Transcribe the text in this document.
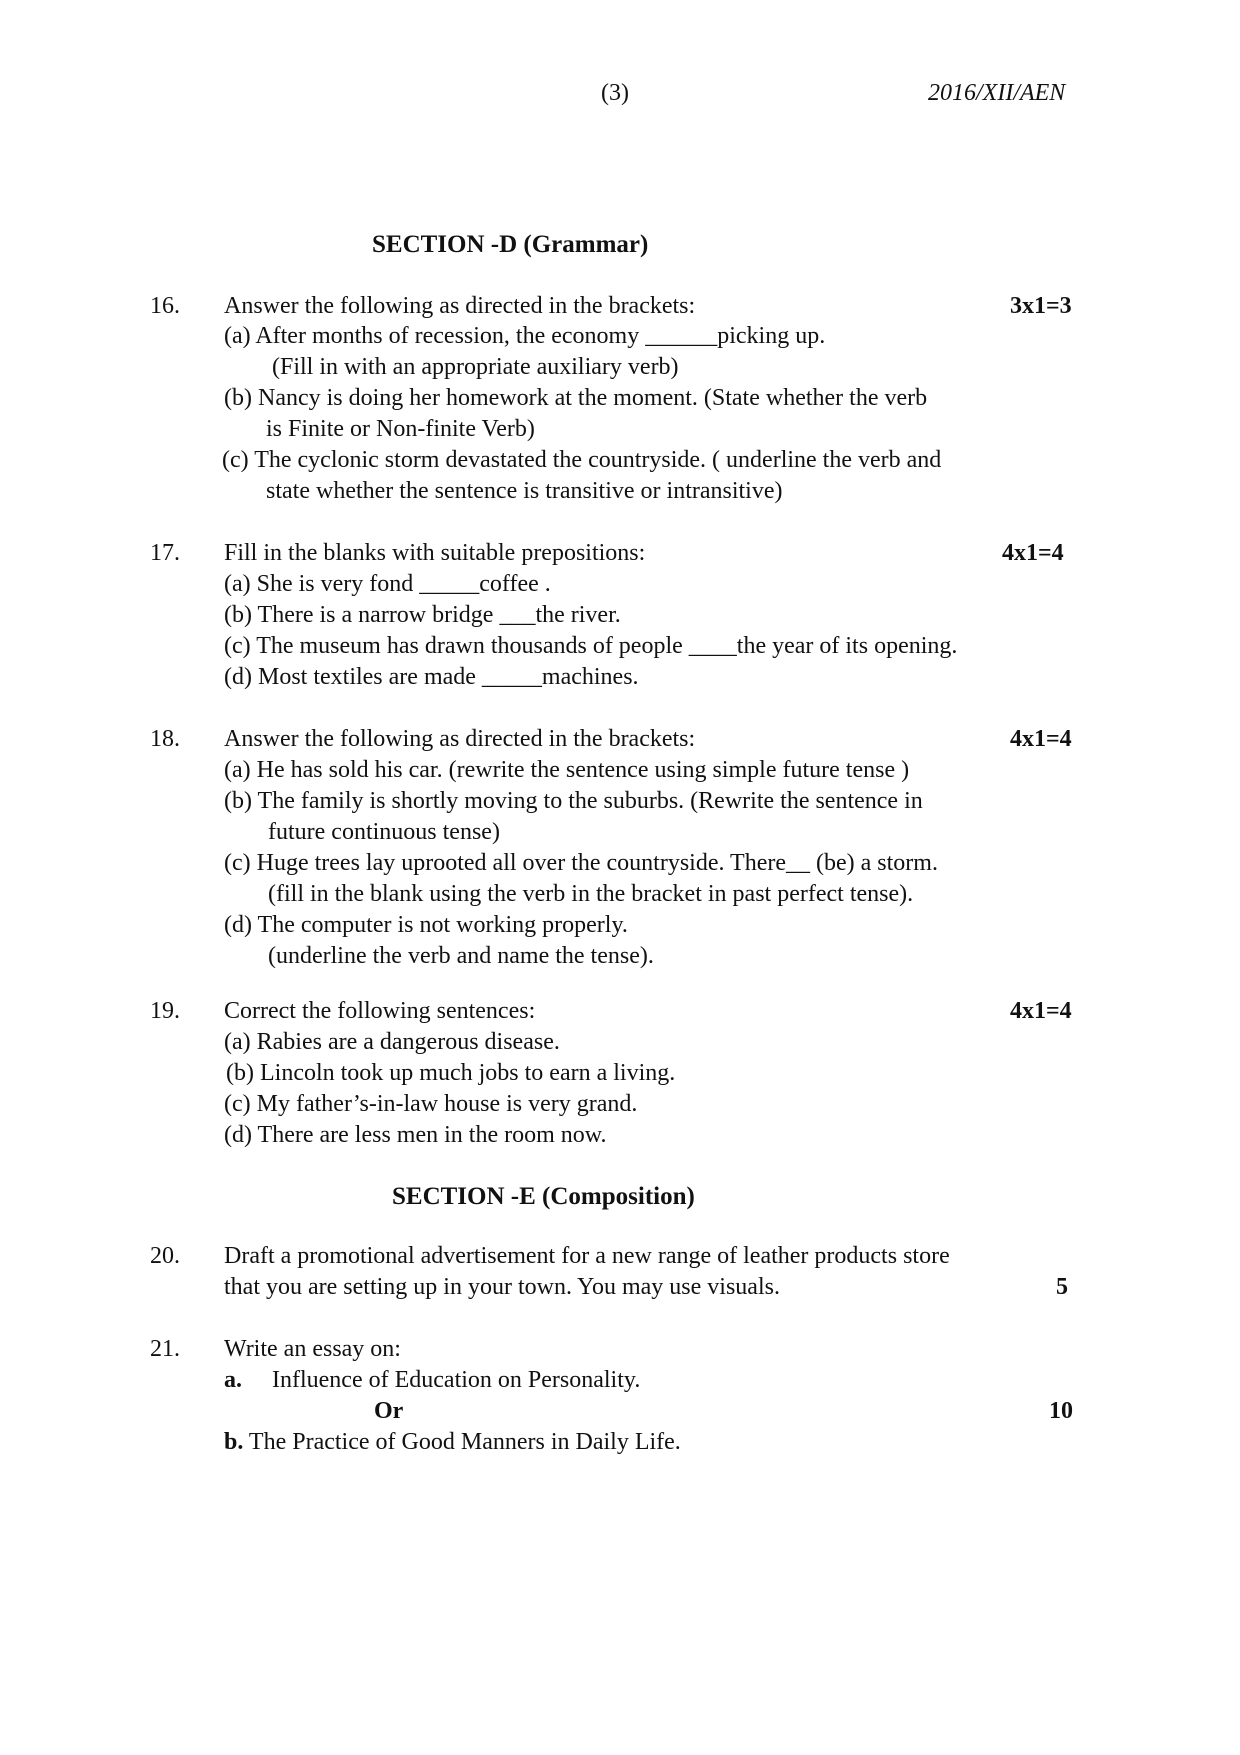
(3)	2016/XII/AEN
SECTION -D (Grammar)
16. Answer the following as directed in the brackets:	3x1=3
(a) After months of recession, the economy ______picking up.
(Fill in with an appropriate auxiliary verb)
(b) Nancy is doing her homework at the moment. (State whether the verb
is Finite or Non-finite Verb)
(c) The cyclonic storm devastated the countryside. ( underline the verb and
state whether the sentence is transitive or intransitive)
17. Fill in the blanks with suitable prepositions:	4x1=4
(a) She is very fond _____coffee .
(b) There is a narrow bridge ___the river.
(c) The museum has drawn thousands of people ____the year of its opening.
(d) Most textiles are made _____machines.
18. Answer the following as directed in the brackets:	4x1=4
(a) He has sold his car. (rewrite the sentence using simple future tense )
(b) The family is shortly moving to the suburbs. (Rewrite the sentence in
future continuous tense)
(c) Huge trees lay uprooted all over the countryside. There__ (be) a storm.
(fill in the blank using the verb in the bracket in past perfect tense).
(d) The computer is not working properly.
(underline the verb and name the tense).
19. Correct the following sentences:	4x1=4
(a) Rabies are a dangerous disease.
(b) Lincoln took up much jobs to earn a living.
(c) My father’s-in-law house is very grand.
(d) There are less men in the room now.
SECTION -E (Composition)
20. Draft a promotional advertisement for a new range of leather products store
that you are setting up in your town. You may use visuals.	5
21. Write an essay on:
a. Influence of Education on Personality.
Or	10
b. The Practice of Good Manners in Daily Life.
